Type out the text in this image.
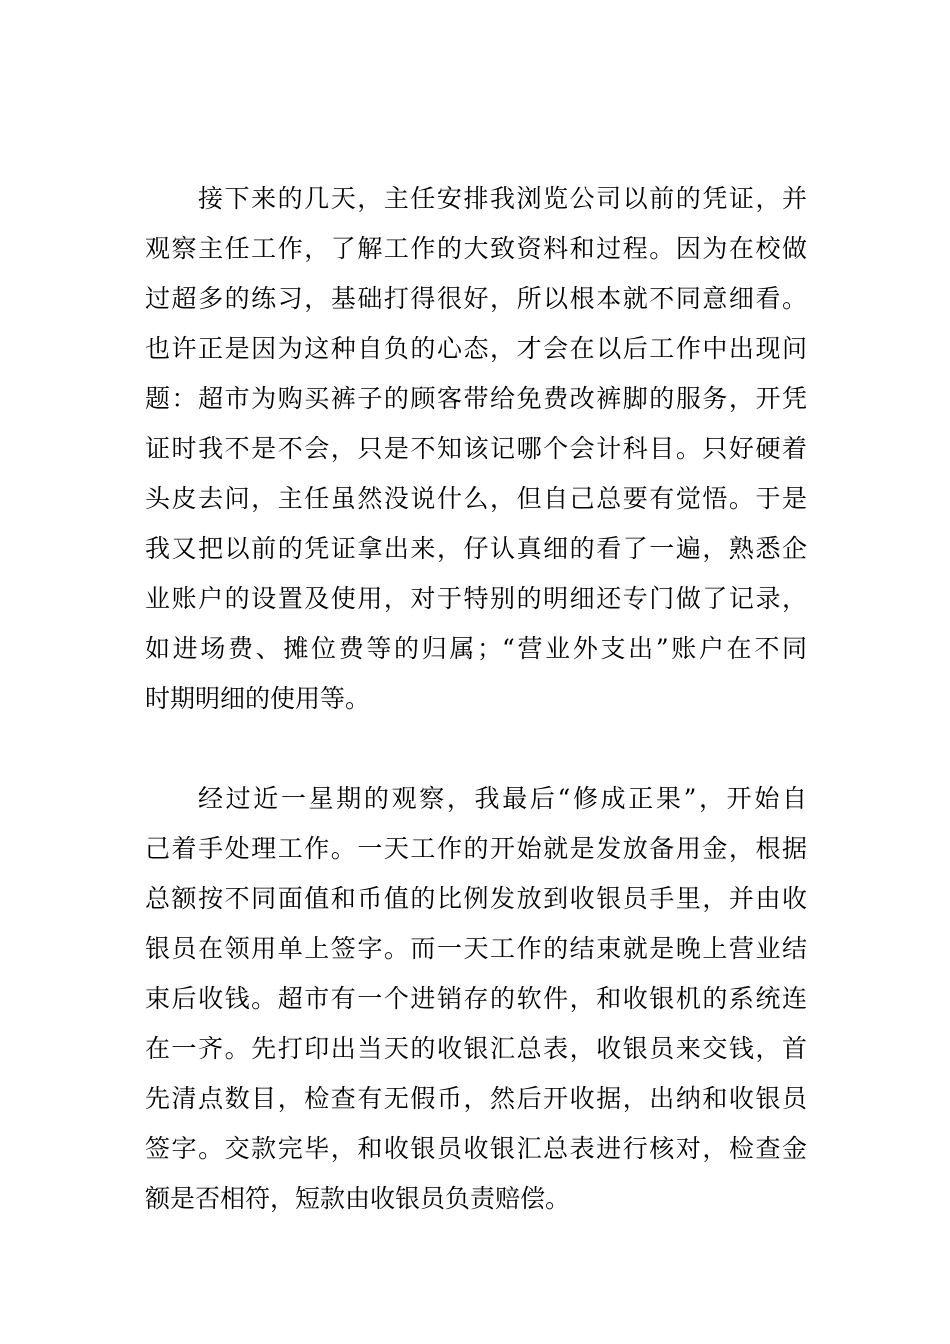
接下来的几天，主任安排我浏览公司以前的凭证，并
观察主任工作，了解工作的大致资料和过程。因为在校做
过超多的练习，基础打得很好，所以根本就不同意细看。
也许正是因为这种自负的心态，才会在以后工作中出现问
题：超市为购买裤子的顾客带给免费改裤脚的服务，开凭
证时我不是不会，只是不知该记哪个会计科目。只好硬着
头皮去问，主任虽然没说什么，但自己总要有觉悟。于是
我又把以前的凭证拿出来，仔认真细的看了一遍，熟悉企
业账户的设置及使用，对于特别的明细还专门做了记录，
如进场费、摊位费等的归属；“营业外支出”账户在不同
时期明细的使用等。
经过近一星期的观察，我最后“修成正果”，开始自
己着手处理工作。一天工作的开始就是发放备用金，根据
总额按不同面值和币值的比例发放到收银员手里，并由收
银员在领用单上签字。而一天工作的结束就是晚上营业结
束后收钱。超市有一个进销存的软件，和收银机的系统连
在一齐。先打印出当天的收银汇总表，收银员来交钱，首
先清点数目，检查有无假币，然后开收据，出纳和收银员
签字。交款完毕，和收银员收银汇总表进行核对，检查金
额是否相符，短款由收银员负责赔偿。
